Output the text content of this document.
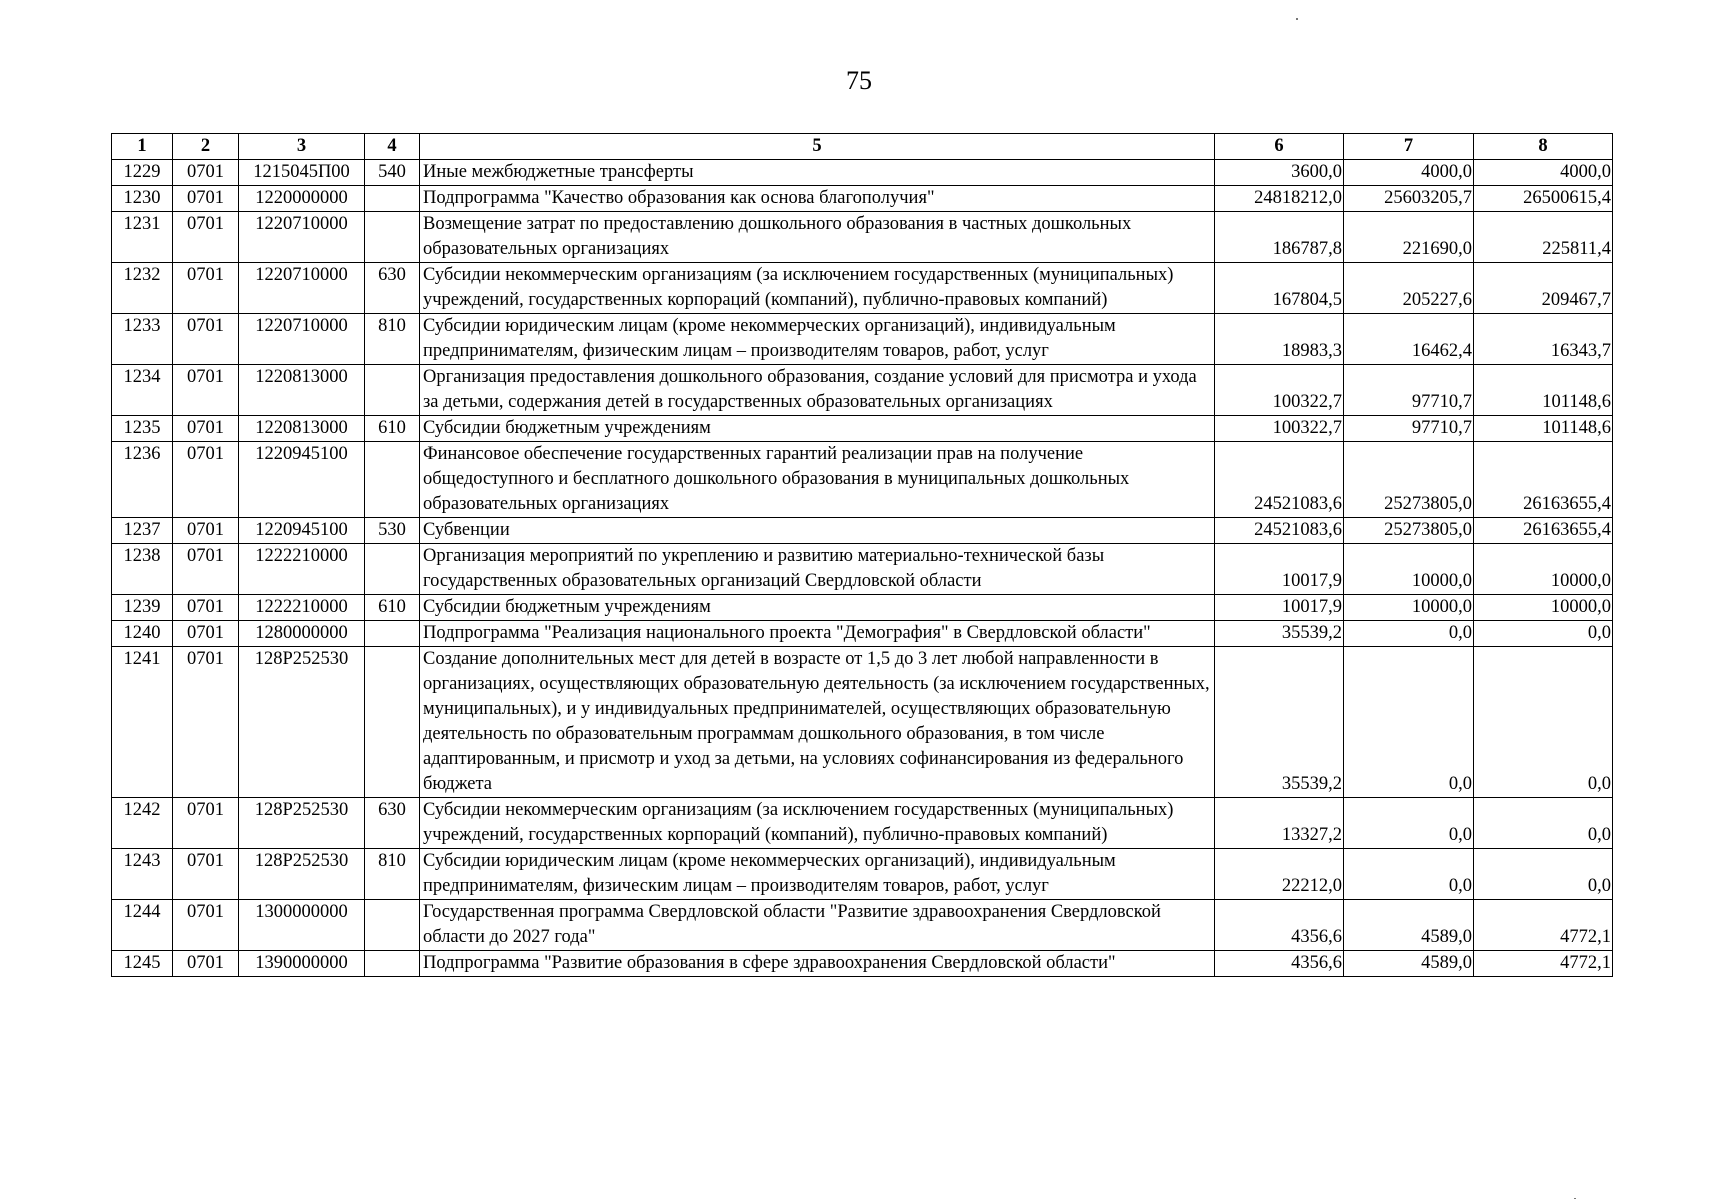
75
1	2	3	4	5	6	7	8
1229	0701	1215045П00	540	Иные межбюджетные трансферты	3600,0	4000,0	4000,0
1230	0701	1220000000		Подпрограмма "Качество образования как основа благополучия"	24818212,0	25603205,7	26500615,4
1231	0701	1220710000		Возмещение затрат по предоставлению дошкольного образования в частных дошкольных образовательных организациях	186787,8	221690,0	225811,4
1232	0701	1220710000	630	Субсидии некоммерческим организациям (за исключением государственных (муниципальных) учреждений, государственных корпораций (компаний), публично-правовых компаний)	167804,5	205227,6	209467,7
1233	0701	1220710000	810	Субсидии юридическим лицам (кроме некоммерческих организаций), индивидуальным предпринимателям, физическим лицам – производителям товаров, работ, услуг	18983,3	16462,4	16343,7
1234	0701	1220813000		Организация предоставления дошкольного образования, создание условий для присмотра и ухода за детьми, содержания детей в государственных образовательных организациях	100322,7	97710,7	101148,6
1235	0701	1220813000	610	Субсидии бюджетным учреждениям	100322,7	97710,7	101148,6
1236	0701	1220945100		Финансовое обеспечение государственных гарантий реализации прав на получение общедоступного и бесплатного дошкольного образования в муниципальных дошкольных образовательных организациях	24521083,6	25273805,0	26163655,4
1237	0701	1220945100	530	Субвенции	24521083,6	25273805,0	26163655,4
1238	0701	1222210000		Организация мероприятий по укреплению и развитию материально-технической базы государственных образовательных организаций Свердловской области	10017,9	10000,0	10000,0
1239	0701	1222210000	610	Субсидии бюджетным учреждениям	10017,9	10000,0	10000,0
1240	0701	1280000000		Подпрограмма "Реализация национального проекта "Демография" в Свердловской области"	35539,2	0,0	0,0
1241	0701	128P252530		Создание дополнительных мест для детей в возрасте от 1,5 до 3 лет любой направленности в организациях, осуществляющих образовательную деятельность (за исключением государственных, муниципальных), и у индивидуальных предпринимателей, осуществляющих образовательную деятельность по образовательным программам дошкольного образования, в том числе адаптированным, и присмотр и уход за детьми, на условиях софинансирования из федерального бюджета	35539,2	0,0	0,0
1242	0701	128P252530	630	Субсидии некоммерческим организациям (за исключением государственных (муниципальных) учреждений, государственных корпораций (компаний), публично-правовых компаний)	13327,2	0,0	0,0
1243	0701	128P252530	810	Субсидии юридическим лицам (кроме некоммерческих организаций), индивидуальным предпринимателям, физическим лицам – производителям товаров, работ, услуг	22212,0	0,0	0,0
1244	0701	1300000000		Государственная программа Свердловской области "Развитие здравоохранения Свердловской области до 2027 года"	4356,6	4589,0	4772,1
1245	0701	1390000000		Подпрограмма "Развитие образования в сфере здравоохранения Свердловской области"	4356,6	4589,0	4772,1
